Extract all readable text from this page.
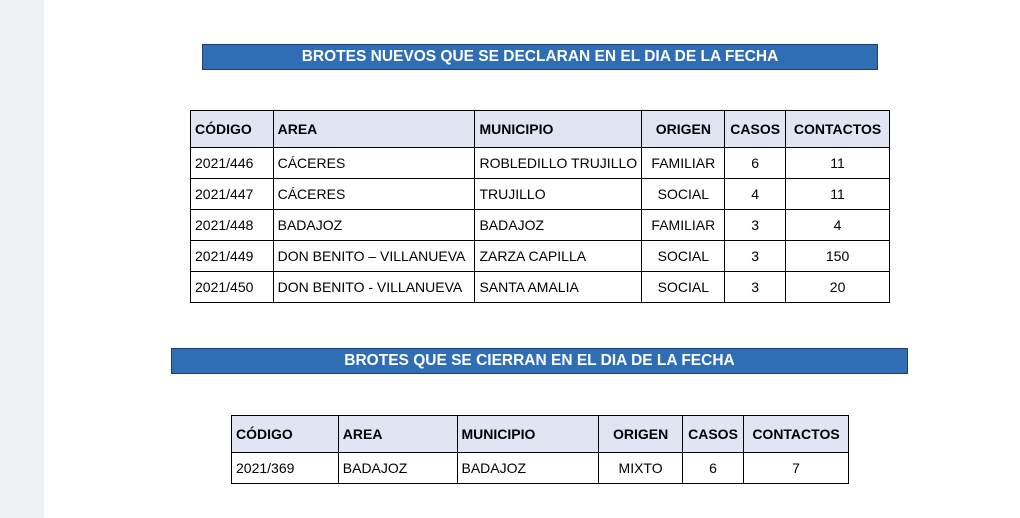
BROTES NUEVOS QUE SE DECLARAN EN EL DIA DE LA FECHA
CÓDIGO	AREA	MUNICIPIO	ORIGEN	CASOS	CONTACTOS
2021/446	CÁCERES	ROBLEDILLO TRUJILLO	FAMILIAR	6	11
2021/447	CÁCERES	TRUJILLO	SOCIAL	4	11
2021/448	BADAJOZ	BADAJOZ	FAMILIAR	3	4
2021/449	DON BENITO – VILLANUEVA	ZARZA CAPILLA	SOCIAL	3	150
2021/450	DON BENITO - VILLANUEVA	SANTA AMALIA	SOCIAL	3	20
BROTES QUE SE CIERRAN EN EL DIA DE LA FECHA
CÓDIGO	AREA	MUNICIPIO	ORIGEN	CASOS	CONTACTOS
2021/369	BADAJOZ	BADAJOZ	MIXTO	6	7
